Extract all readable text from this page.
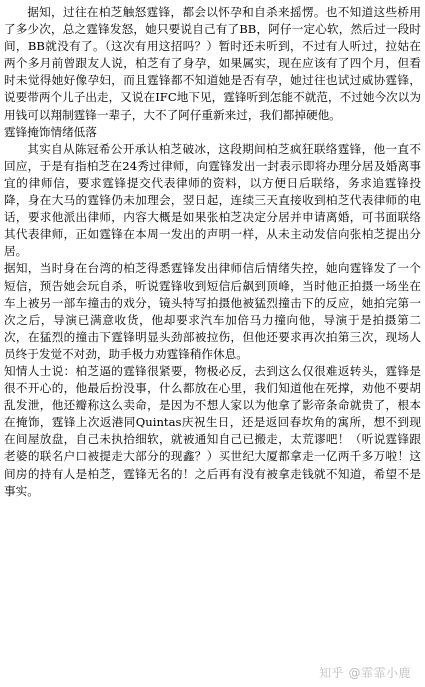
据知，过往在柏芝触怒霆锋，都会以怀孕和自杀来摇愣。也不知道这些桥用了多少次，总之霆锋发怒，她只要说自己有了BB，阿仔一定心软，然后过一段时间，BB就没有了。（这次有用这招吗？）暂时还未听到，不过有人听过，拉姑在两个多月前曾跟友人说，柏芝有了身孕，如果属实，现在应该有了四个月，但看时未觉得她好像孕妇，而且霆锋都不知道她是否有孕，她过往也试过威协霆锋，说要带两个儿子出走，又说在IFC地下见，霆锋听到怎能不就范，不过她今次以为用钱可以翔制霆锋一辈子，大不了阿仔重新来过，我们都掉硬他。

霆锋掩饰情绪低落

其实自从陈冠希公开承认柏芝破冰，这段期间柏芝疯狂联络霆锋，他一直不回应，于是有指柏芝在24秀过律师，向霆锋发出一封表示即将办理分居及婚离事宜的律师信，要求霆锋提交代表律师的资料，以方便日后联络，务求追霆锋投降，身在大马的霆锋仍未加理会，翌日起，连续三天直接收到柏芝代表律师的电话，要求他派出律师，内容大概是如果张柏芝决定分居并申请离婚，可书面联络其代表律师，正如霆锋在本周一发出的声明一样，从未主动发信向张柏芝提出分居。

据知，当时身在台湾的柏芝得悉霆锋发出律师信后情绪失控，她向霆锋发了一个短信，预告她会玩自杀，听说霆锋收到短信后飙到顶峰，当时他正拍摄一场坐在车上被另一部车撞击的戏分，镜头特写拍摄他被猛烈撞击下的反应，她拍完第一次之后，导演已满意收货，他却要求汽车加倍马力撞向他，导演于是拍摄第二次，在猛烈的撞击下霆锋明显头劲部被拉伤，但他还要求再次拍第三次，现场人员终于发觉不对劲，助手极力劝霆锋稍作休息。

知情人士说：柏芝逼的霆锋很紧要，物极必反，去到这么仅很难返转头，霆锋是很不开心的，他最后扮没事，什么都放在心里，我们知道他在死撑，劝他不要胡乱发泄，他还瓣称这么卖命，是因为不想人家以为他拿了影帝条命就贵了，根本在掩饰，霆锋上次返港同Quintas庆祝生日，还是返回春坎角的寓所，想不到现在间屋放盘，自己未执拾细软，就被通知自己已搬走，太荒谬吧！（听说霆锋跟老婆的联名户口被提走大部分的现鑫？）买世纪大厦都拿走一亿两千多万啦！这间房的持有人是柏芝，霆锋无名的！之后再有没有被拿走钱就不知道，希望不是事实。

知乎 @霏霏小鹿
